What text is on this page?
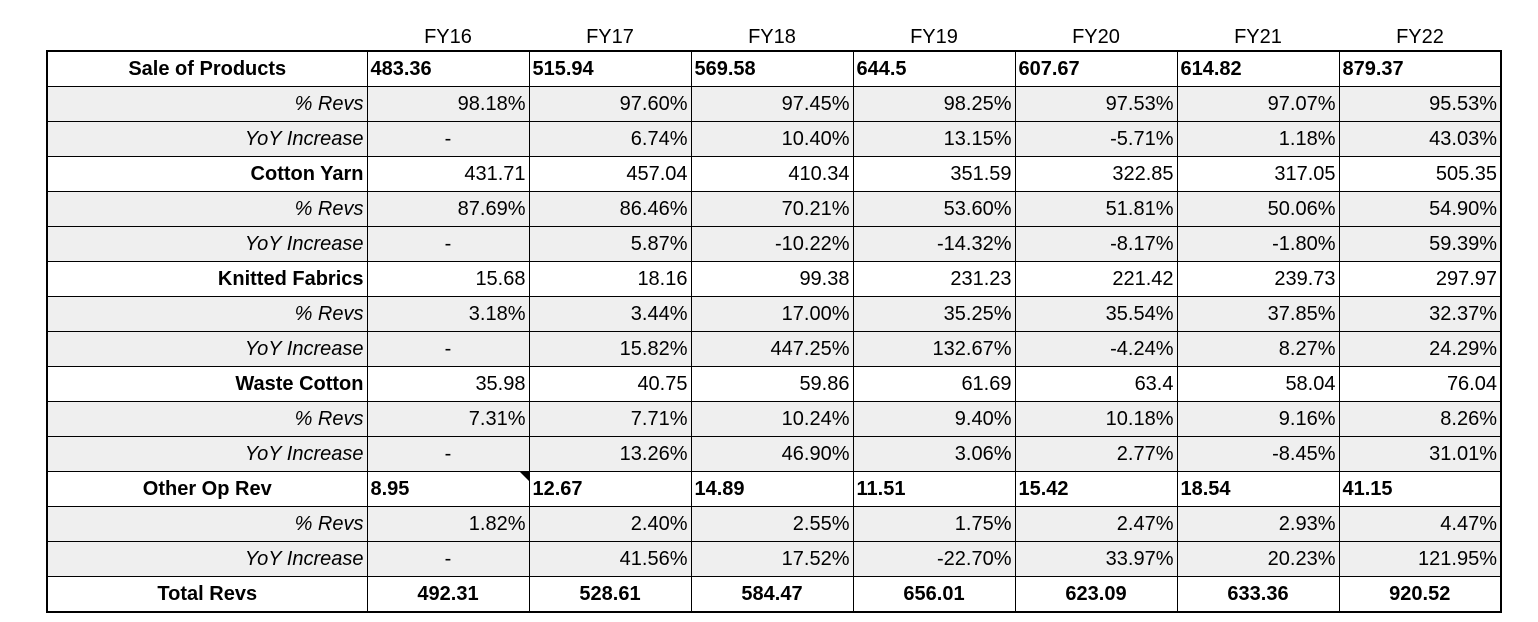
	FY16	FY17	FY18	FY19	FY20	FY21	FY22
Sale of Products	483.36	515.94	569.58	644.5	607.67	614.82	879.37
% Revs	98.18%	97.60%	97.45%	98.25%	97.53%	97.07%	95.53%
YoY Increase	-	6.74%	10.40%	13.15%	-5.71%	1.18%	43.03%
Cotton Yarn	431.71	457.04	410.34	351.59	322.85	317.05	505.35
% Revs	87.69%	86.46%	70.21%	53.60%	51.81%	50.06%	54.90%
YoY Increase	-	5.87%	-10.22%	-14.32%	-8.17%	-1.80%	59.39%
Knitted Fabrics	15.68	18.16	99.38	231.23	221.42	239.73	297.97
% Revs	3.18%	3.44%	17.00%	35.25%	35.54%	37.85%	32.37%
YoY Increase	-	15.82%	447.25%	132.67%	-4.24%	8.27%	24.29%
Waste Cotton	35.98	40.75	59.86	61.69	63.4	58.04	76.04
% Revs	7.31%	7.71%	10.24%	9.40%	10.18%	9.16%	8.26%
YoY Increase	-	13.26%	46.90%	3.06%	2.77%	-8.45%	31.01%
Other Op Rev	8.95	12.67	14.89	11.51	15.42	18.54	41.15
% Revs	1.82%	2.40%	2.55%	1.75%	2.47%	2.93%	4.47%
YoY Increase	-	41.56%	17.52%	-22.70%	33.97%	20.23%	121.95%
Total Revs	492.31	528.61	584.47	656.01	623.09	633.36	920.52
